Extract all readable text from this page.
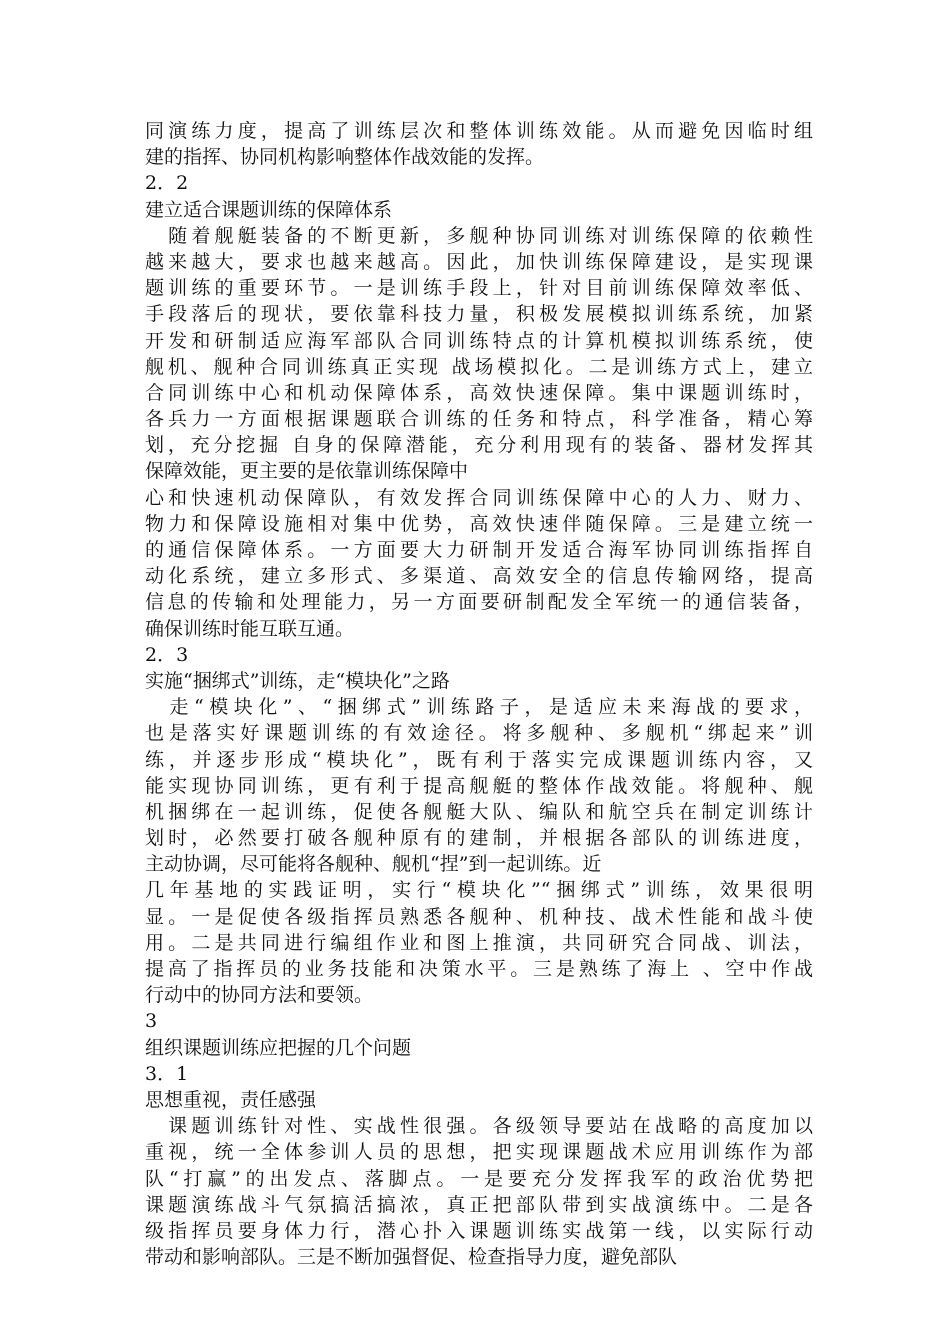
同演练力度，提高了训练层次和整体训练效能。从而避免因临时组
建的指挥、协同机构影响整体作战效能的发挥。
2．2
建立适合课题训练的保障体系
　随着舰艇装备的不断更新，多舰种协同训练对训练保障的依赖性
越来越大，要求也越来越高。因此，加快训练保障建设，是实现课
题训练的重要环节。一是训练手段上，针对目前训练保障效率低、
手段落后的现状，要依靠科技力量，积极发展模拟训练系统，加紧
开发和研制适应海军部队合同训练特点的计算机模拟训练系统，使
舰机、舰种合同训练真正实现 战场模拟化。二是训练方式上，建立
合同训练中心和机动保障体系，高效快速保障。集中课题训练时，
各兵力一方面根据课题联合训练的任务和特点，科学准备，精心筹
划，充分挖掘 自身的保障潜能，充分利用现有的装备、器材发挥其
保障效能，更主要的是依靠训练保障中
心和快速机动保障队，有效发挥合同训练保障中心的人力、财力、
物力和保障设施相对集中优势，高效快速伴随保障。三是建立统一
的通信保障体系。一方面要大力研制开发适合海军协同训练指挥自
动化系统，建立多形式、多渠道、高效安全的信息传输网络，提高
信息的传输和处理能力，另一方面要研制配发全军统一的通信装备，
确保训练时能互联互通。
2．3
实施“捆绑式”训练，走“模块化”之路
　走“模块化”、“捆绑式”训练路子，是适应未来海战的要求，
也是落实好课题训练的有效途径。将多舰种、多舰机“绑起来”训
练，并逐步形成“模块化”，既有利于落实完成课题训练内容，又
能实现协同训练，更有利于提高舰艇的整体作战效能。将舰种、舰
机捆绑在一起训练，促使各舰艇大队、编队和航空兵在制定训练计
划时，必然要打破各舰种原有的建制，并根据各部队的训练进度，
主动协调，尽可能将各舰种、舰机“捏”到一起训练。近
几年基地的实践证明，实行“模块化”“捆绑式”训练，效果很明
显。一是促使各级指挥员熟悉各舰种、机种技、战术性能和战斗使
用。二是共同进行编组作业和图上推演，共同研究合同战、训法，
提高了指挥员的业务技能和决策水平。三是熟练了海上 、空中作战
行动中的协同方法和要领。
3
组织课题训练应把握的几个问题
3．1
思想重视，责任感强
　课题训练针对性、实战性很强。各级领导要站在战略的高度加以
重视，统一全体参训人员的思想，把实现课题战术应用训练作为部
队“打赢”的出发点、落脚点。一是要充分发挥我军的政治优势把
课题演练战斗气氛搞活搞浓，真正把部队带到实战演练中。二是各
级指挥员要身体力行，潜心扑入课题训练实战第一线，以实际行动
带动和影响部队。三是不断加强督促、检查指导力度，避免部队
